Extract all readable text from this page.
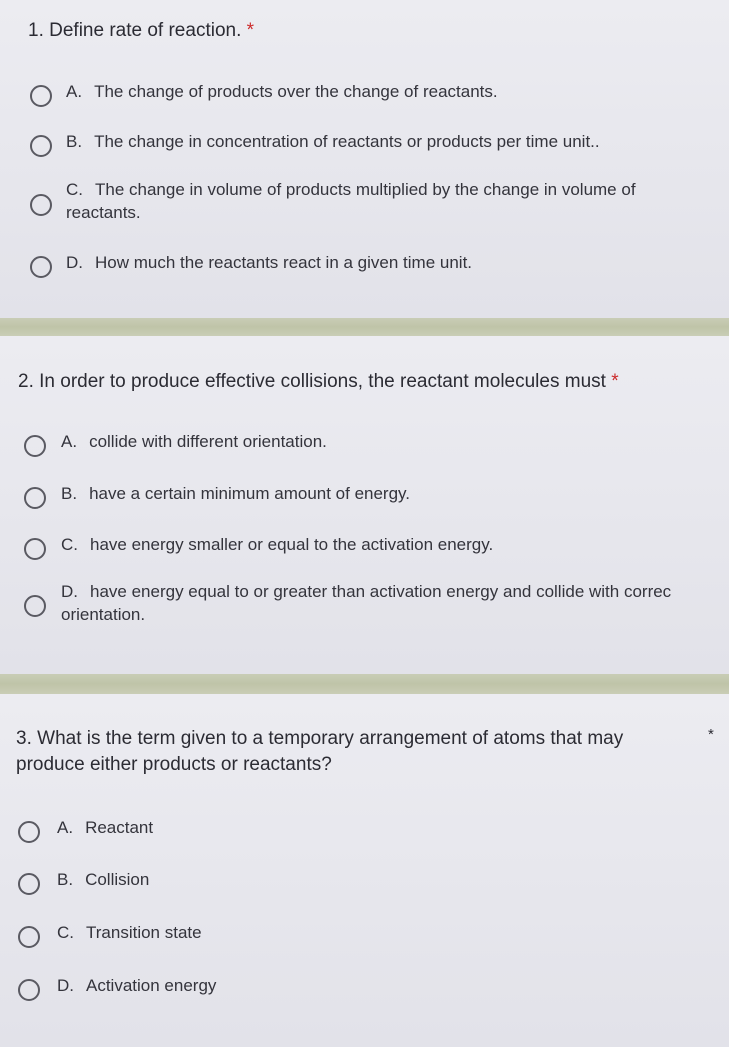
1. Define rate of reaction. *
A. The change of products over the change of reactants.
B. The change in concentration of reactants or products per time unit..
C. The change in volume of products multiplied by the change in volume of
reactants.
D. How much the reactants react in a given time unit.
2. In order to produce effective collisions, the reactant molecules must *
A. collide with different orientation.
B. have a certain minimum amount of energy.
C. have energy smaller or equal to the activation energy.
D. have energy equal to or greater than activation energy and collide with correc
orientation.
3. What is the term given to a temporary arrangement of atoms that may
produce either products or reactants?
*
A. Reactant
B. Collision
C. Transition state
D. Activation energy
